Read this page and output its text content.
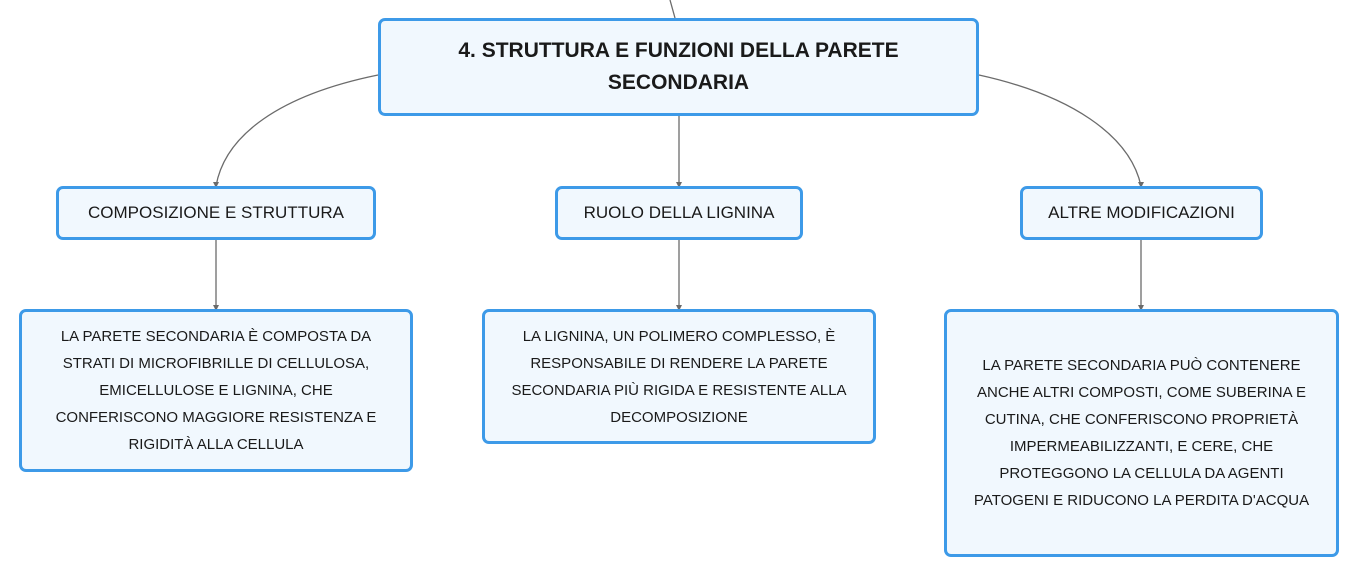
4. STRUTTURA E FUNZIONI DELLA PARETE SECONDARIA
COMPOSIZIONE E STRUTTURA	RUOLO DELLA LIGNINA	ALTRE MODIFICAZIONI
LA PARETE SECONDARIA È COMPOSTA DA STRATI DI MICROFIBRILLE DI CELLULOSA, EMICELLULOSE E LIGNINA, CHE CONFERISCONO MAGGIORE RESISTENZA E RIGIDITÀ ALLA CELLULA
LA LIGNINA, UN POLIMERO COMPLESSO, È RESPONSABILE DI RENDERE LA PARETE SECONDARIA PIÙ RIGIDA E RESISTENTE ALLA DECOMPOSIZIONE
LA PARETE SECONDARIA PUÒ CONTENERE ANCHE ALTRI COMPOSTI, COME SUBERINA E CUTINA, CHE CONFERISCONO PROPRIETÀ IMPERMEABILIZZANTI, E CERE, CHE PROTEGGONO LA CELLULA DA AGENTI PATOGENI E RIDUCONO LA PERDITA D'ACQUA
